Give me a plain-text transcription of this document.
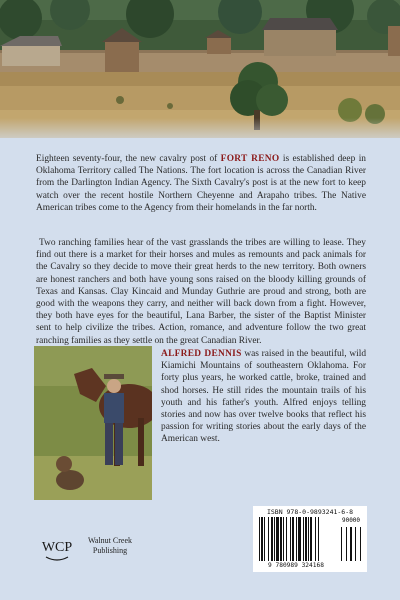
Eighteen seventy-four, the new cavalry post of FORT RENO is established deep in Oklahoma Territory called The Nations. The fort location is across the Canadian River from the Darlington Indian Agency. The Sixth Cavalry's post is at the new fort to keep watch over the recent hostile Northern Cheyenne and Arapaho tribes. The Native American tribes come to the Agency from their homelands in the far north.
Two ranching families hear of the vast grasslands the tribes are willing to lease. They find out there is a market for their horses and mules as remounts and pack animals for the Cavalry so they decide to move their great herds to the new territory. Both owners are honest ranchers and both have young sons raised on the bloody killing grounds of Texas and Kansas. Clay Kincaid and Munday Guthrie are proud and strong, both are good with the weapons they carry, and neither will back down from a fight. However, they both have eyes for the beautiful, Lana Barber, the sister of the Baptist Minister sent to help civilize the tribes. Action, romance, and adventure follow the two great ranching families as they settle on the great Canadian River.
ALFRED DENNIS was raised in the beautiful, wild Kiamichi Mountains of southeastern Oklahoma. For forty plus years, he worked cattle, broke, trained and shod horses. He still rides the mountain trails of his youth and his father's youth. Alfred enjoys telling stories and now has over twelve books that reflect his passion for writing stories about the early days of the American west.
WCP	Walnut Creek
Publishing
ISBN 978-0-9893241-6-8
9 780989 324168
90000
